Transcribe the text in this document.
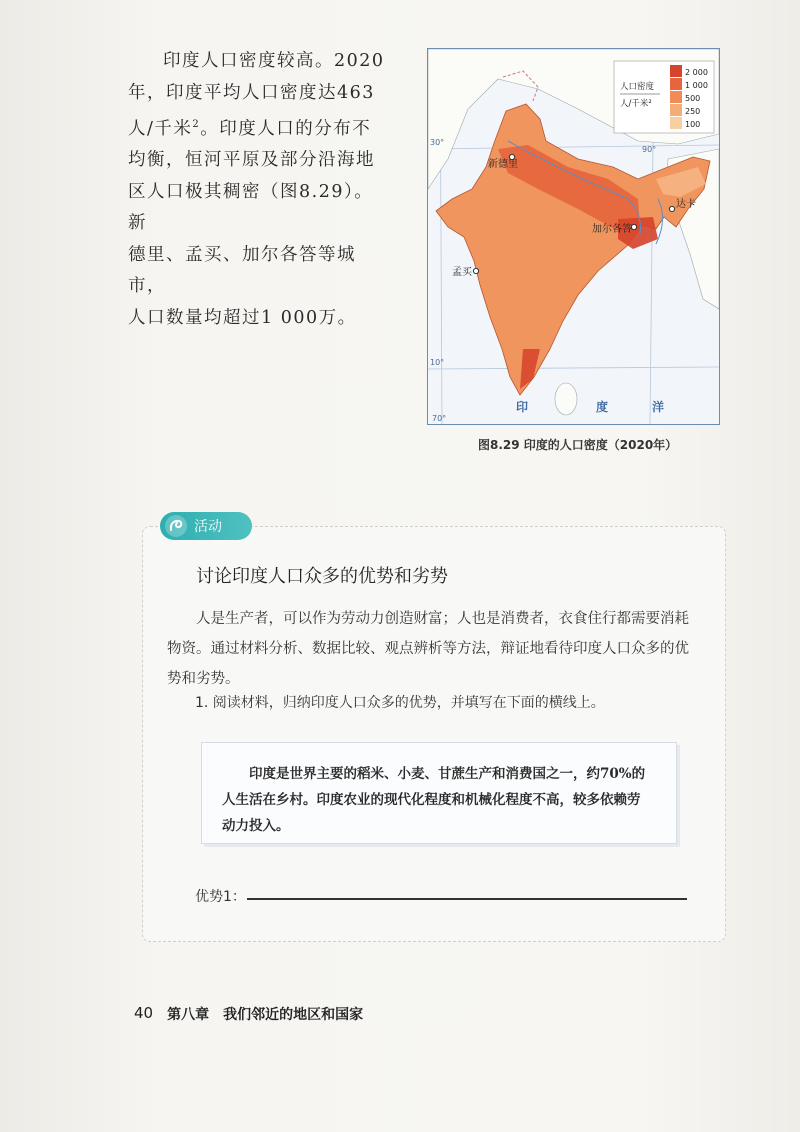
印度人口密度较高。2020
年，印度平均人口密度达463
人/千米$^2$。印度人口的分布不
均衡，恒河平原及部分沿海地
区人口极其稠密（图8.29）。新
德里、孟买、加尔各答等城市，
人口数量均超过1 000万。
新德里
加尔各答
孟买
达卡
30°
10°
70°
90°
印	度	洋
人口密度
人/千米²
2 000
1 000
500
250
100
图8.29 印度的人口密度（2020年）
活动
讨论印度人口众多的优势和劣势
人是生产者，可以作为劳动力创造财富；人也是消费者，衣食住行都需要消耗
物资。通过材料分析、数据比较、观点辨析等方法，辩证地看待印度人口众多的优
势和劣势。
1. 阅读材料，归纳印度人口众多的优势，并填写在下面的横线上。
印度是世界主要的稻米、小麦、甘蔗生产和消费国之一，约70%的
人生活在乡村。印度农业的现代化程度和机械化程度不高，较多依赖劳
动力投入。
优势1：
40 第八章 我们邻近的地区和国家
